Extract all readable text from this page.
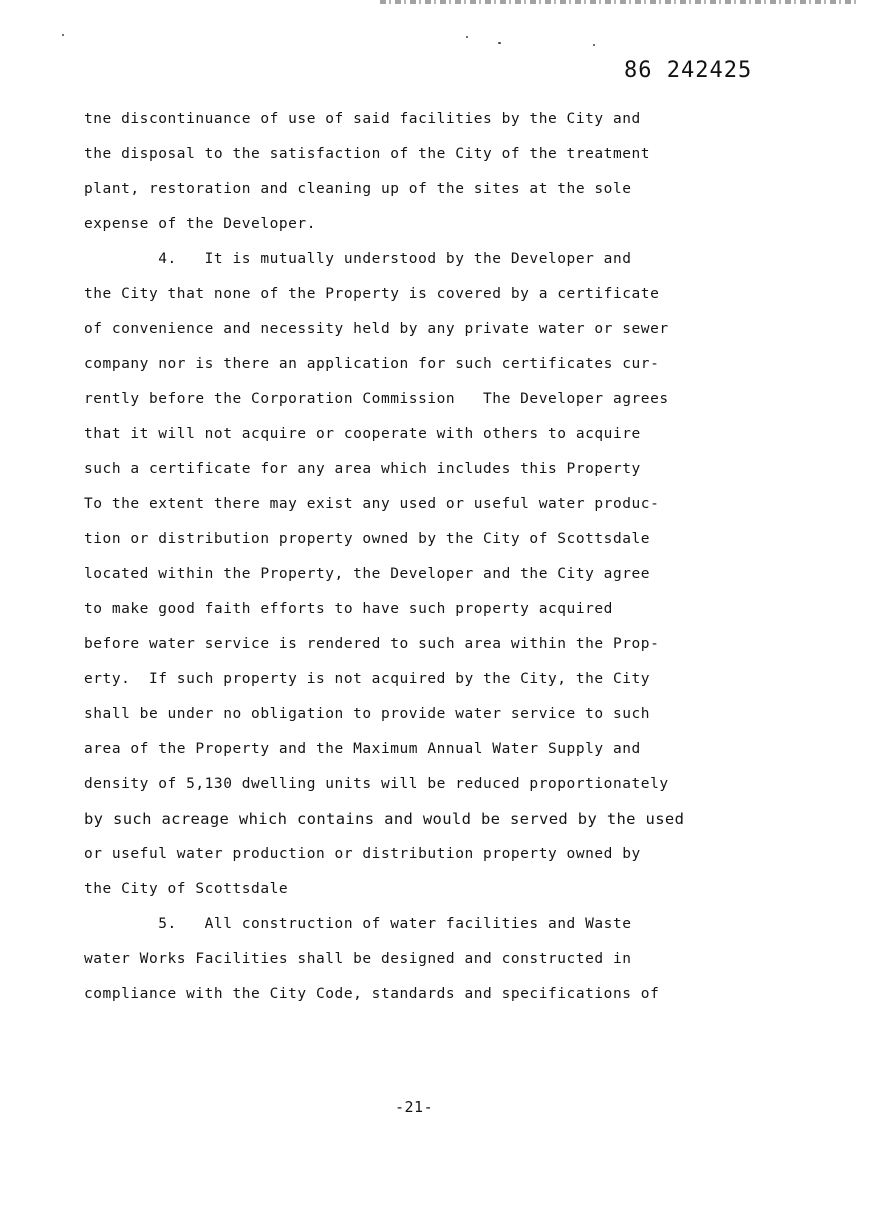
86 242425
tne discontinuance of use of said facilities by the City and
the disposal to the satisfaction of the City of the treatment
plant, restoration and cleaning up of the sites at the sole
expense of the Developer.
4.   It is mutually understood by the Developer and
the City that none of the Property is covered by a certificate
of convenience and necessity held by any private water or sewer
company nor is there an application for such certificates cur-
rently before the Corporation Commission   The Developer agrees
that it will not acquire or cooperate with others to acquire
such a certificate for any area which includes this Property
To the extent there may exist any used or useful water produc-
tion or distribution property owned by the City of Scottsdale
located within the Property, the Developer and the City agree
to make good faith efforts to have such property acquired
before water service is rendered to such area within the Prop-
erty.  If such property is not acquired by the City, the City
shall be under no obligation to provide water service to such
area of the Property and the Maximum Annual Water Supply and
density of 5,130 dwelling units will be reduced proportionately
by such acreage which contains and would be served by the used
or useful water production or distribution property owned by
the City of Scottsdale
5.   All construction of water facilities and Waste
water Works Facilities shall be designed and constructed in
compliance with the City Code, standards and specifications of
-21-
